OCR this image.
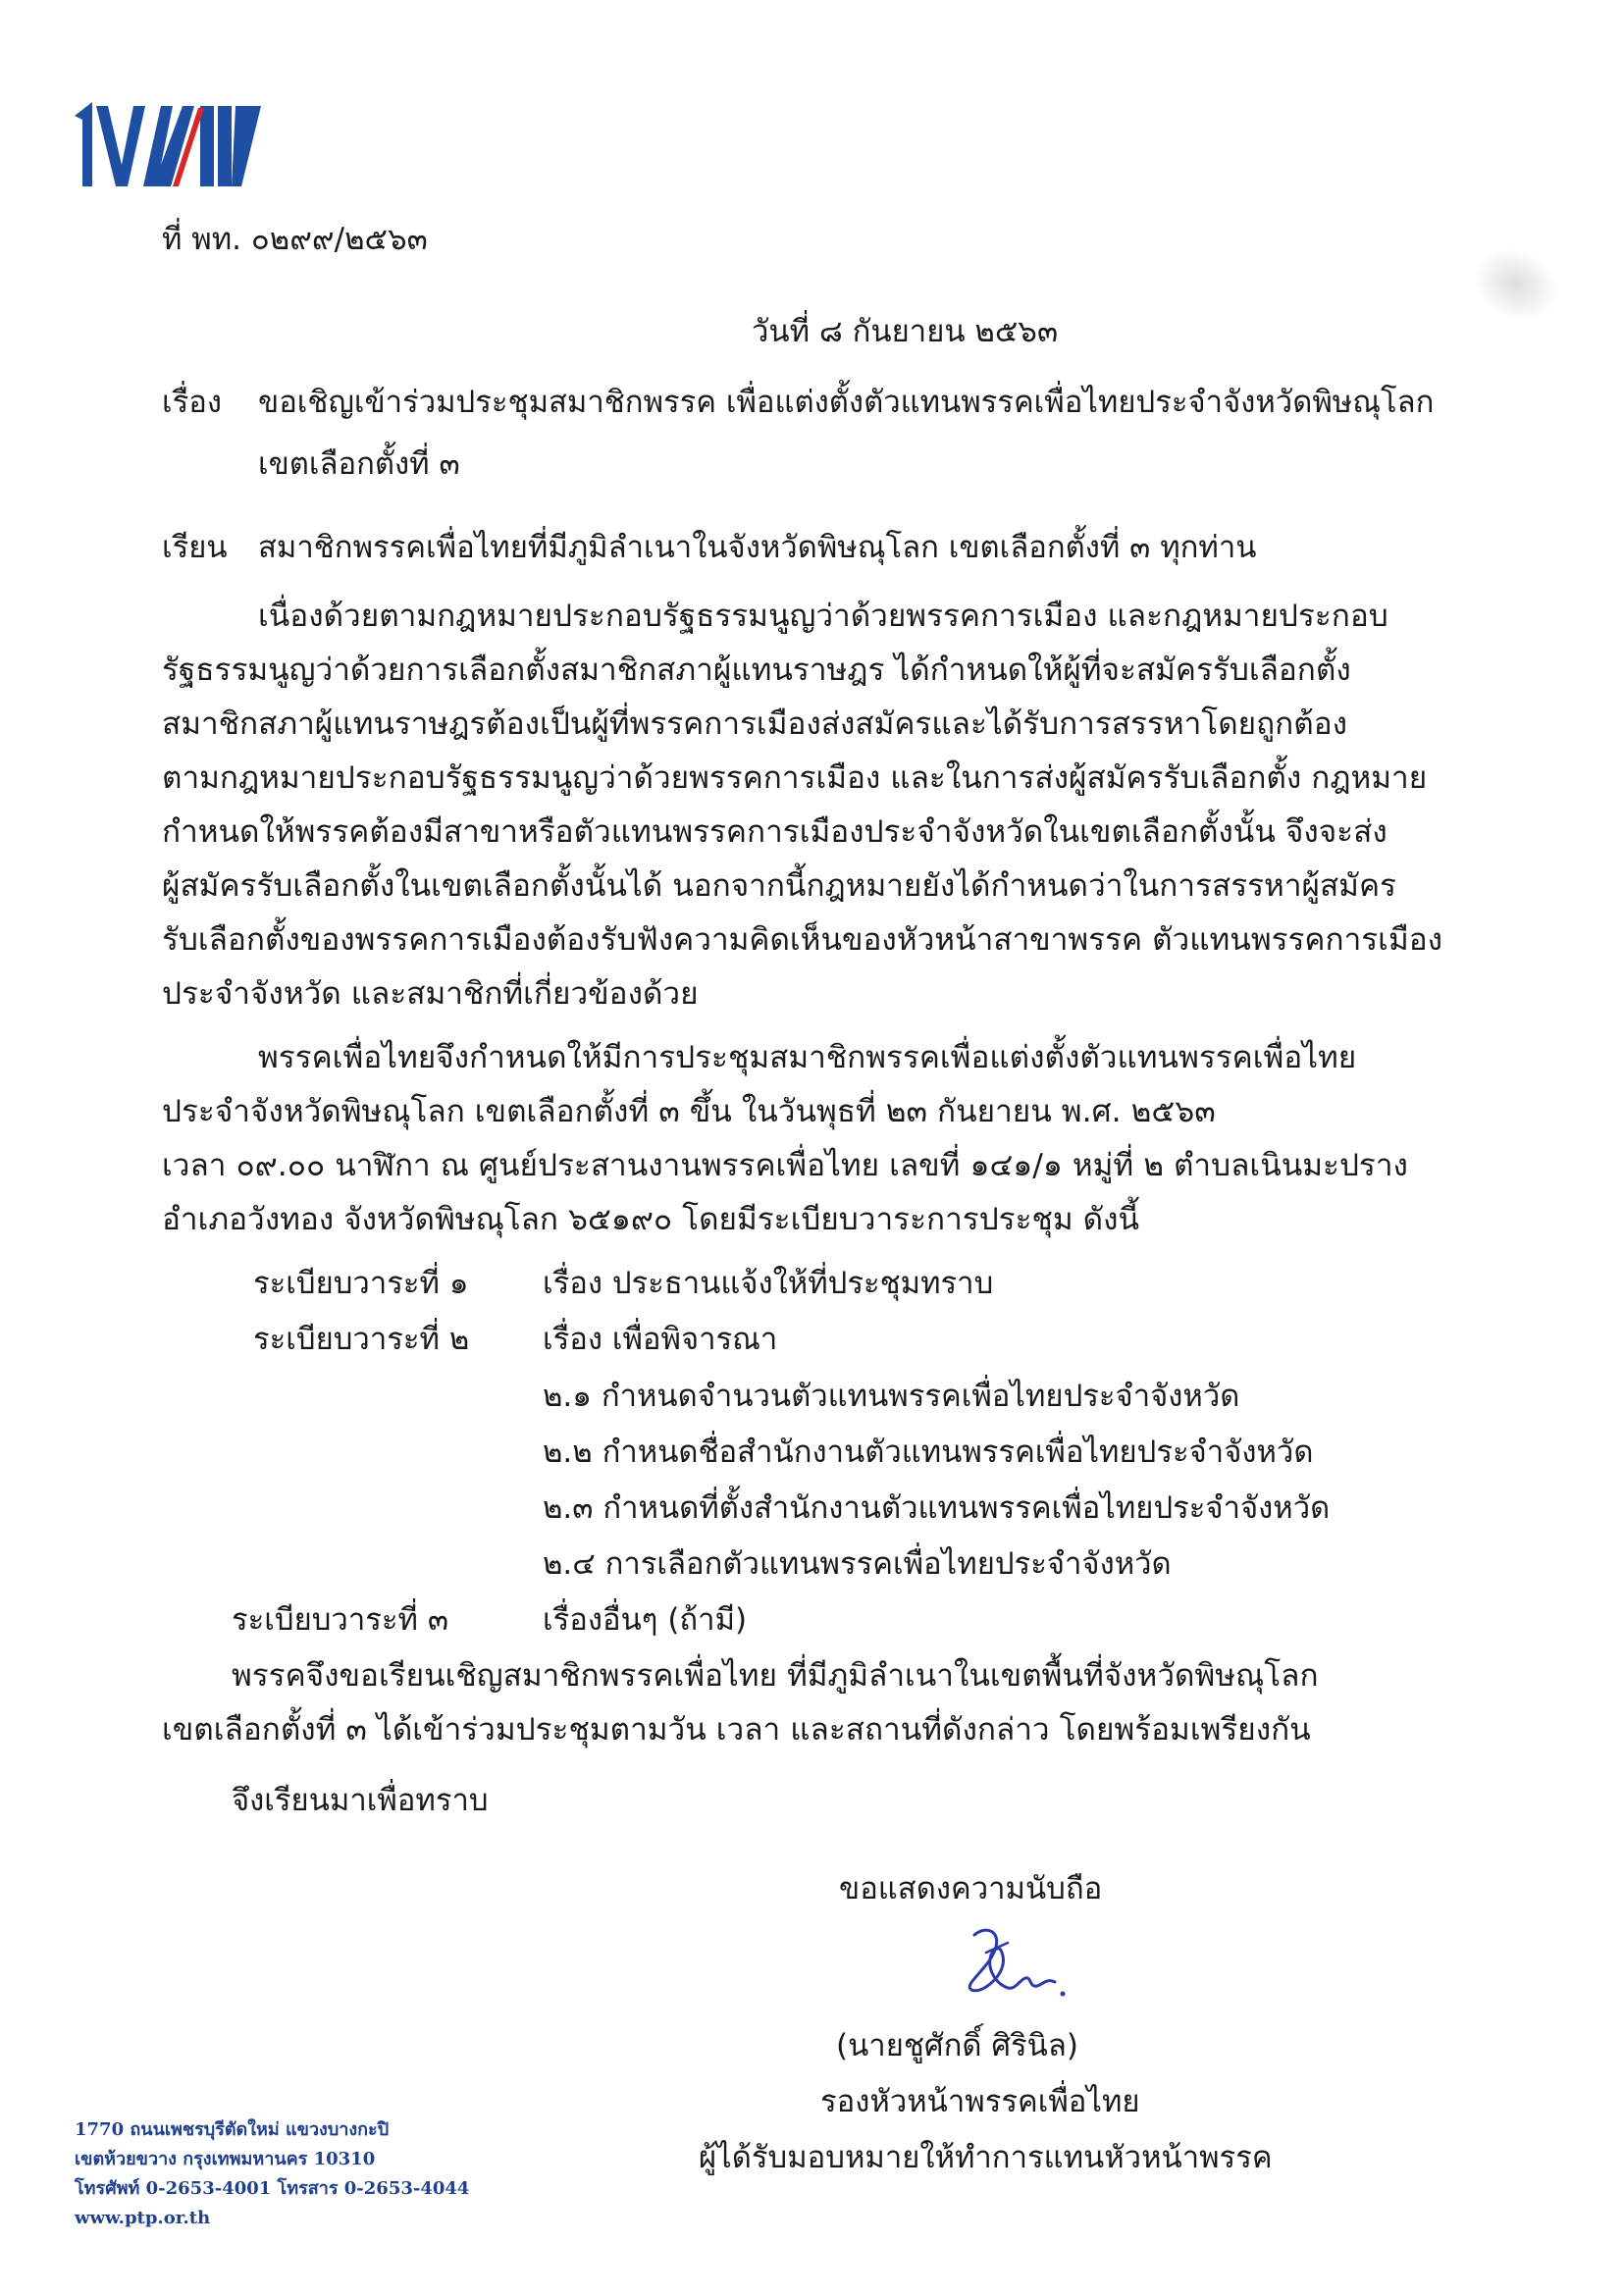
ที่ พท. ๐๒๙๙/๒๕๖๓
วันที่ ๘ กันยายน ๒๕๖๓
เรื่อง ขอเชิญเข้าร่วมประชุมสมาชิกพรรค เพื่อแต่งตั้งตัวแทนพรรคเพื่อไทยประจำจังหวัดพิษณุโลก
เขตเลือกตั้งที่ ๓
เรียน สมาชิกพรรคเพื่อไทยที่มีภูมิลำเนาในจังหวัดพิษณุโลก เขตเลือกตั้งที่ ๓ ทุกท่าน
เนื่องด้วยตามกฎหมายประกอบรัฐธรรมนูญว่าด้วยพรรคการเมือง และกฎหมายประกอบ
รัฐธรรมนูญว่าด้วยการเลือกตั้งสมาชิกสภาผู้แทนราษฎร ได้กำหนดให้ผู้ที่จะสมัครรับเลือกตั้ง
สมาชิกสภาผู้แทนราษฎรต้องเป็นผู้ที่พรรคการเมืองส่งสมัครและได้รับการสรรหาโดยถูกต้อง
ตามกฎหมายประกอบรัฐธรรมนูญว่าด้วยพรรคการเมือง และในการส่งผู้สมัครรับเลือกตั้ง กฎหมาย
กำหนดให้พรรคต้องมีสาขาหรือตัวแทนพรรคการเมืองประจำจังหวัดในเขตเลือกตั้งนั้น จึงจะส่ง
ผู้สมัครรับเลือกตั้งในเขตเลือกตั้งนั้นได้ นอกจากนี้กฎหมายยังได้กำหนดว่าในการสรรหาผู้สมัคร
รับเลือกตั้งของพรรคการเมืองต้องรับฟังความคิดเห็นของหัวหน้าสาขาพรรค ตัวแทนพรรคการเมือง
ประจำจังหวัด และสมาชิกที่เกี่ยวข้องด้วย
พรรคเพื่อไทยจึงกำหนดให้มีการประชุมสมาชิกพรรคเพื่อแต่งตั้งตัวแทนพรรคเพื่อไทย
ประจำจังหวัดพิษณุโลก เขตเลือกตั้งที่ ๓ ขึ้น ในวันพุธที่ ๒๓ กันยายน พ.ศ. ๒๕๖๓
เวลา ๐๙.๐๐ นาฬิกา ณ ศูนย์ประสานงานพรรคเพื่อไทย เลขที่ ๑๔๑/๑ หมู่ที่ ๒ ตำบลเนินมะปราง
อำเภอวังทอง จังหวัดพิษณุโลก ๖๕๑๙๐ โดยมีระเบียบวาระการประชุม ดังนี้
ระเบียบวาระที่ ๑ เรื่อง ประธานแจ้งให้ที่ประชุมทราบ
ระเบียบวาระที่ ๒ เรื่อง เพื่อพิจารณา
๒.๑ กำหนดจำนวนตัวแทนพรรคเพื่อไทยประจำจังหวัด
๒.๒ กำหนดชื่อสำนักงานตัวแทนพรรคเพื่อไทยประจำจังหวัด
๒.๓ กำหนดที่ตั้งสำนักงานตัวแทนพรรคเพื่อไทยประจำจังหวัด
๒.๔ การเลือกตัวแทนพรรคเพื่อไทยประจำจังหวัด
ระเบียบวาระที่ ๓	เรื่องอื่นๆ (ถ้ามี)
พรรคจึงขอเรียนเชิญสมาชิกพรรคเพื่อไทย ที่มีภูมิลำเนาในเขตพื้นที่จังหวัดพิษณุโลก
เขตเลือกตั้งที่ ๓ ได้เข้าร่วมประชุมตามวัน เวลา และสถานที่ดังกล่าว โดยพร้อมเพรียงกัน
จึงเรียนมาเพื่อทราบ
ขอแสดงความนับถือ
(นายชูศักดิ์ ศิรินิล)
รองหัวหน้าพรรคเพื่อไทย
ผู้ได้รับมอบหมายให้ทำการแทนหัวหน้าพรรค
1770 ถนนเพชรบุรีตัดใหม่ แขวงบางกะปิ
เขตห้วยขวาง กรุงเทพมหานคร 10310
โทรศัพท์ 0-2653-4001 โทรสาร 0-2653-4044
www.ptp.or.th
